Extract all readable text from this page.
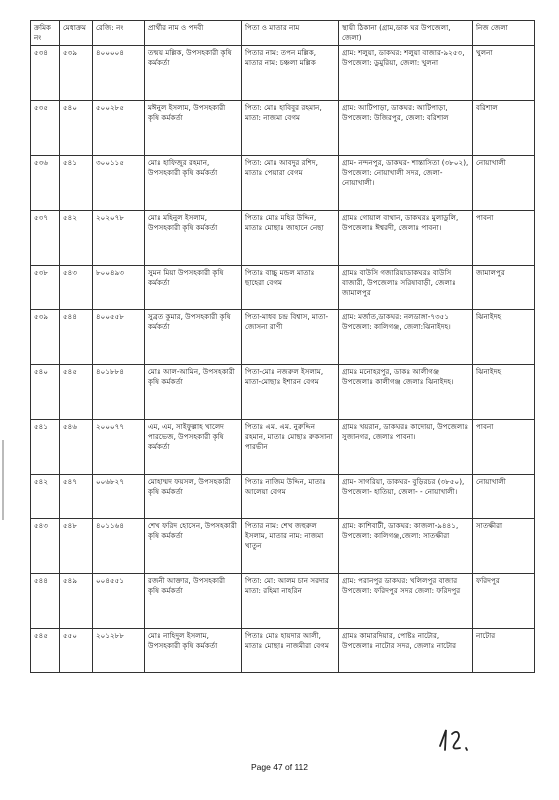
ক্রমিক নং	মেধাক্রম	রেজি: নং	প্রার্থীর নাম ও পদবী	পিতা ও মাতার নাম	স্থায়ী ঠিকানা (গ্রাম,ডাক ঘর উপজেলা, জেলা)	নিজ জেলা
৫৩৪	৫৩৯	৪০০০০৪	তন্ময় মল্লিক, উপসহকারী কৃষি কর্মকর্তা	পিতার নাম: তপন মল্লিক, মাতার নাম: চঞ্চলা মল্লিক	গ্রাম: শলুয়া, ডাকঘর: শলুয়া বাজার-৯২৫৩, উপজেলা: ডুমুরিয়া, জেলা: খুলনা	খুলনা
৫৩৫	৫৪০	৫০০২৮৫	মঈনুল ইসলাম, উপসহকারী কৃষি কর্মকর্তা	পিতা: মোঃ হাবিবুর রহমান, মাতা: নাজমা বেগম	গ্রাম: আটিপাড়া, ডাকঘর: আটিপাড়া, উপজেলা: উজিরপুর, জেলা: বরিশাল	বরিশাল
৫৩৬	৫৪১	৩০০১১৫	মোঃ হাফিজুর রহমান, উপসহকারী কৃষি কর্মকর্তা	পিতা: মোঃ আবদুর রশিদ, মাতাঃ পেয়ারা বেগম	গ্রাম- নন্দনপুর, ডাকঘর- শান্তাসিতা (৩৮০২), উপজেলা: নোয়াখালী সদর, জেলা- নোয়াখালী।	নোয়াখালী
৫৩৭	৫৪২	২০২০৭৮	মোঃ মহিনুল ইসলাম, উপসহকারী কৃষি কর্মকর্তা	পিতাঃ মোঃ মহির উদ্দিন, মাতাঃ মোছাঃ জাহানে নেছা	গ্রামঃ গোয়াল বাথান, ডাকঘরঃ মুলাডুলি, উপজেলাঃ ঈশ্বরদী, জেলাঃ পাবনা।	পাবনা
৫৩৮	৫৪৩	৮০০৪৯৩	সুমন মিয়া উপসহকারী কৃষি কর্মকর্তা	পিতাঃ বাচ্চু মন্ডল মাতাঃ ছাহেরা বেগম	গ্রামঃ বাউসি গজারিয়াডাকঘরঃ বাউসি বাজারী, উপজেলাঃ সরিষাবাড়ী, জেলাঃ জামালপুর	জামালপুর
৫৩৯	৫৪৪	৪০০৫৫৮	সুব্রত কুমার, উপসহকারী কৃষি কর্মকর্তা	পিতা-মাধব চন্দ্র বিশ্বাস, মাতা-জোসনা রাণী	গ্রাম: মর্জাত,ডাকঘর: নলডাঙ্গা-৭৩৫১ উপজেলা: কালিগঞ্জ, জেলা:ঝিনাইদহ।	ঝিনাইদহ
৫৪০	৫৪৫	৪০১৮৮৪	মোঃ আল-আমিন, উপসহকারী কৃষি কর্মকর্তা	পিতা-মোঃ নজরুল ইসলাম, মাতা-মোছাঃ ইশারন বেগম	গ্রামঃ মনোহরপুর, ডাকঃ আলীগঞ্জ উপজেলাঃ কালীগঞ্জ জেলাঃ ঝিনাইদহ।	ঝিনাইদহ
৫৪১	৫৪৬	২০০০৭৭	এম, এম, সাইফুল্লাহ খালেদ পারভেজ, উপসহকারী কৃষি কর্মকর্তা	পিতাঃ এম. এম. নুরুদ্দিন রহমান, মাতাঃ মোছাঃ রুকসানা পারভীন	গ্রামঃ খয়রান, ডাকঘরঃ কাদোয়া, উপজেলাঃ সুজানগর, জেলাঃ পাবনা।	পাবনা
৫৪২	৫৪৭	০০৬৮২৭	মোহাম্মদ ফয়সল, উপসহকারী কৃষি কর্মকর্তা	পিতাঃ নাজিম উদ্দিন, মাতাঃ আলেয়া বেগম	গ্রাম- সাগরিয়া, ডাকঘর- বুড়িরচর (৩৮৫০), উপজেলা- হাতিয়া, জেলা- - নোয়াখালী।	নোয়াখালী
৫৪৩	৫৪৮	৪০১১৬৪	শেখ ফরিদ হোসেন, উপসহকারী কৃষি কর্মকর্তা	পিতার নাম: শেখ জহুরুল ইসলাম, মাতার নাম: নাজমা খাতুন	গ্রাম: কাশিবাটী, ডাকঘর: কাজলা-৯৪৪১, উপজেলা: কালিগঞ্জ,জেলা: সাতক্ষীরা	সাতক্ষীরা
৫৪৪	৫৪৯	০০৪৫৫১	রজনী আক্তার, উপসহকারী কৃষি কর্মকর্তা	পিতা: মো: আলম চান সরদার মাতা: রহিমা নাহরিন	গ্রাম: পরানপুর ডাকঘর: খলিলপুর বাজার উপজেলা: ফরিদপুর সদর জেলা: ফরিদপুর	ফরিদপুর
৫৪৫	৫৫০	২০১২৮৮	মোঃ নাহিদুল ইসলাম, উপসহকারী কৃষি কর্মকর্তা	পিতাঃ মোঃ হায়দার আলী, মাতাঃ মোছাঃ নাজমীরা বেগম	গ্রামঃ কামারদিয়ার, পোষ্টঃ নাটোর, উপজেলাঃ নাটোর সদর, জেলাঃ নাটোর	নাটোর
Page 47 of 112
